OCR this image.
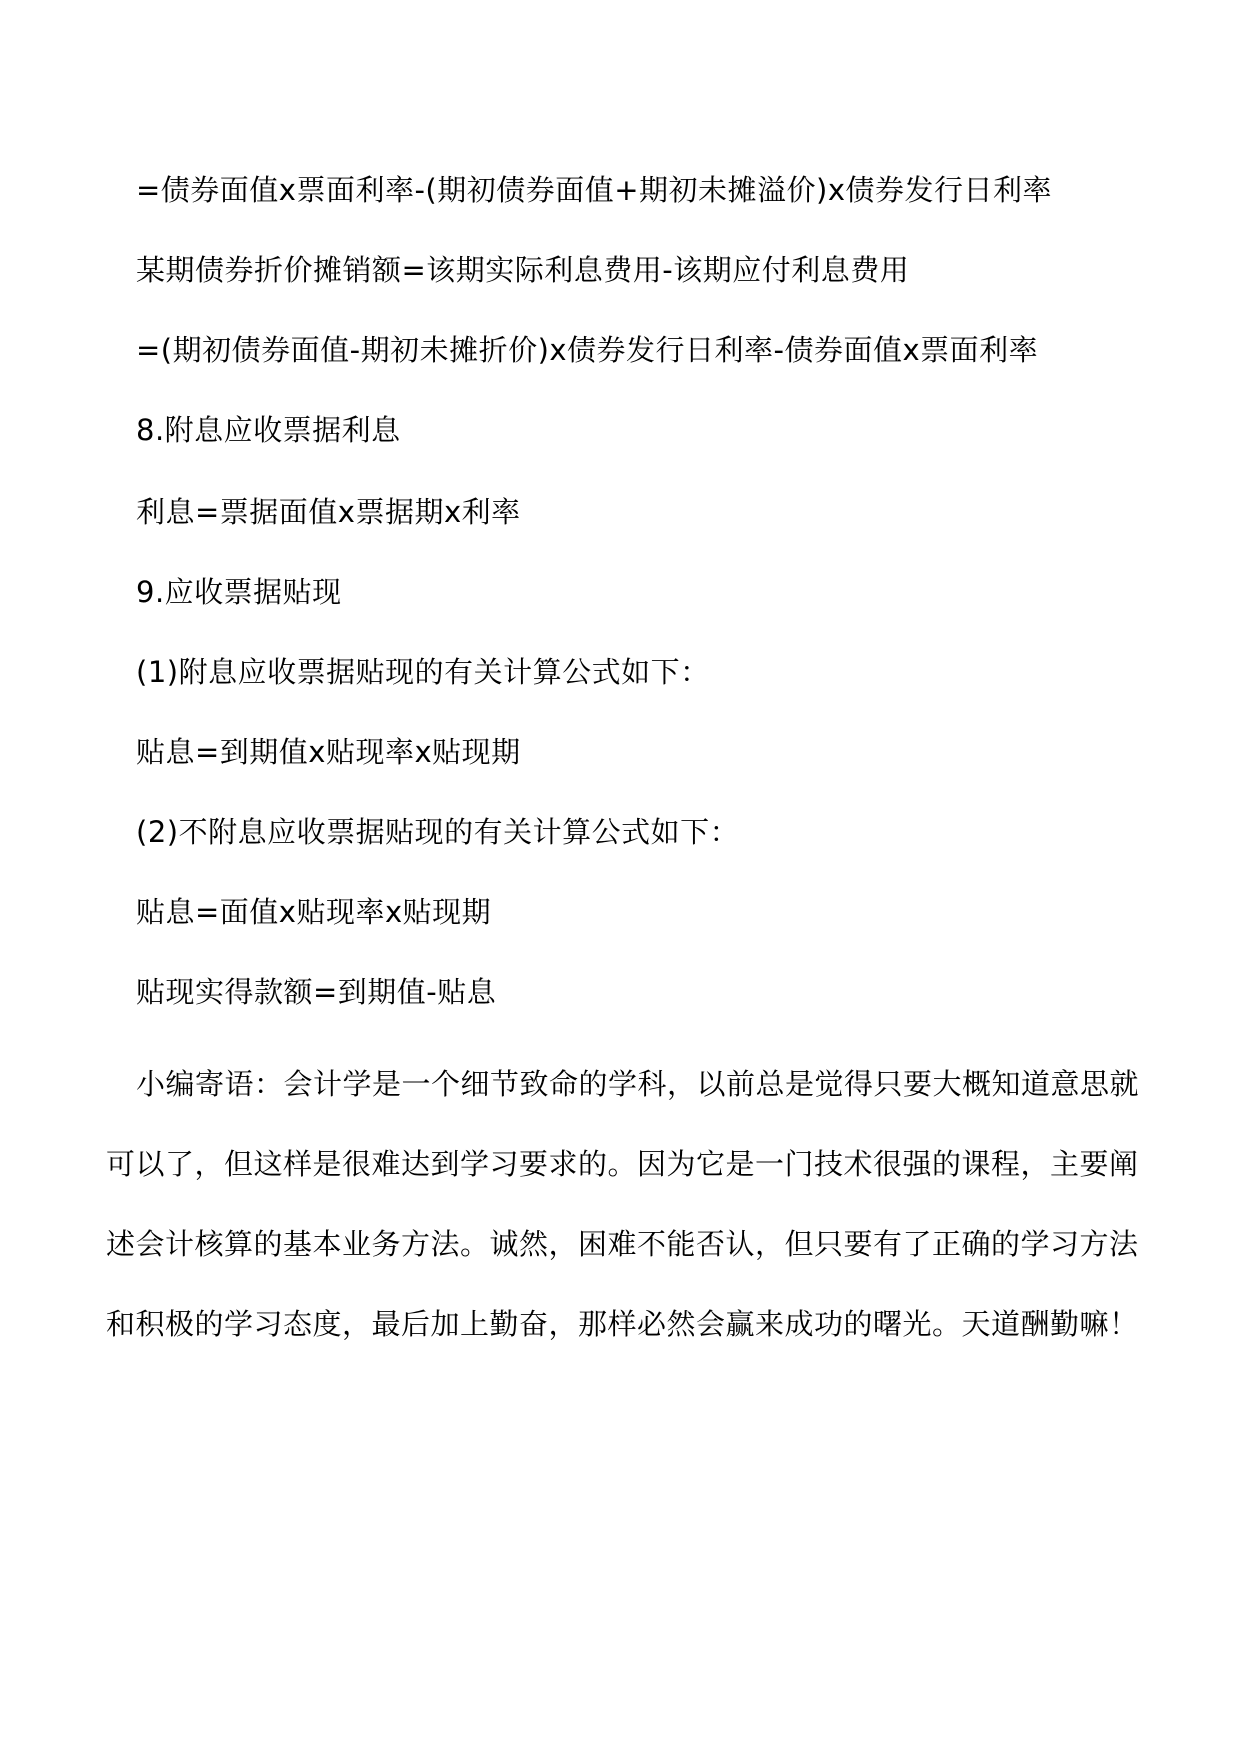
=债券面值x票面利率-(期初债券面值+期初未摊溢价)x债券发行日利率
某期债券折价摊销额=该期实际利息费用-该期应付利息费用
=(期初债券面值-期初未摊折价)x债券发行日利率-债券面值x票面利率
8.附息应收票据利息
利息=票据面值x票据期x利率
9.应收票据贴现
(1)附息应收票据贴现的有关计算公式如下：
贴息=到期值x贴现率x贴现期
(2)不附息应收票据贴现的有关计算公式如下：
贴息=面值x贴现率x贴现期
贴现实得款额=到期值-贴息
小编寄语：会计学是一个细节致命的学科，以前总是觉得只要大概知道意思就
可以了，但这样是很难达到学习要求的。因为它是一门技术很强的课程，主要阐
述会计核算的基本业务方法。诚然，困难不能否认，但只要有了正确的学习方法
和积极的学习态度，最后加上勤奋，那样必然会赢来成功的曙光。天道酬勤嘛！
